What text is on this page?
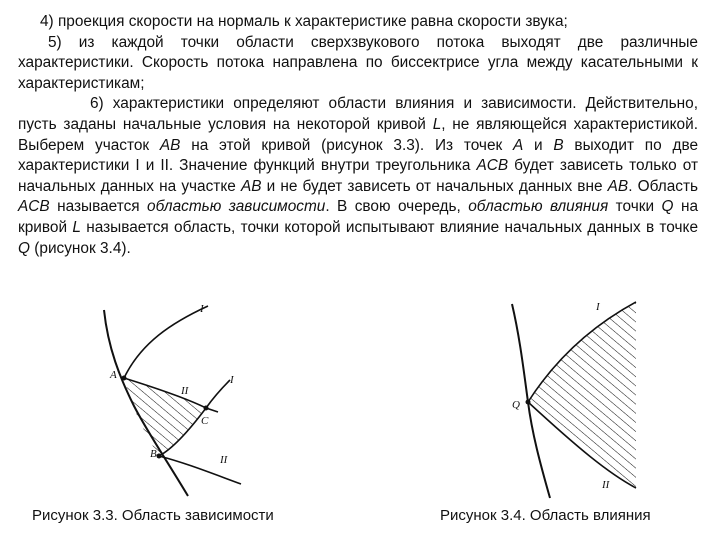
4) проекция скорости на нормаль к характеристике равна скорости звука;

5) из каждой точки области сверхзвукового потока выходят две различные характеристики. Скорость потока направлена по биссектрисе угла между касательными к характеристикам;

6) характеристики определяют области влияния и зависимости. Действительно, пусть заданы начальные условия на некоторой кривой L, не являющейся характеристикой. Выберем участок AB на этой кривой (рисунок 3.3). Из точек A и B выходит по две характеристики I и II. Значение функций внутри треугольника ACB будет зависеть только от начальных данных на участке AB и не будет зависеть от начальных данных вне AB. Область ACB называется областью зависимости. В свою очередь, областью влияния точки Q на кривой L называется область, точки которой испытывают влияние начальных данных в точке Q (рисунок 3.4).

A
B
C
I
I
II
II
Рисунок 3.3. Область зависимости
Q
I
II
Рисунок 3.4. Область влияния
